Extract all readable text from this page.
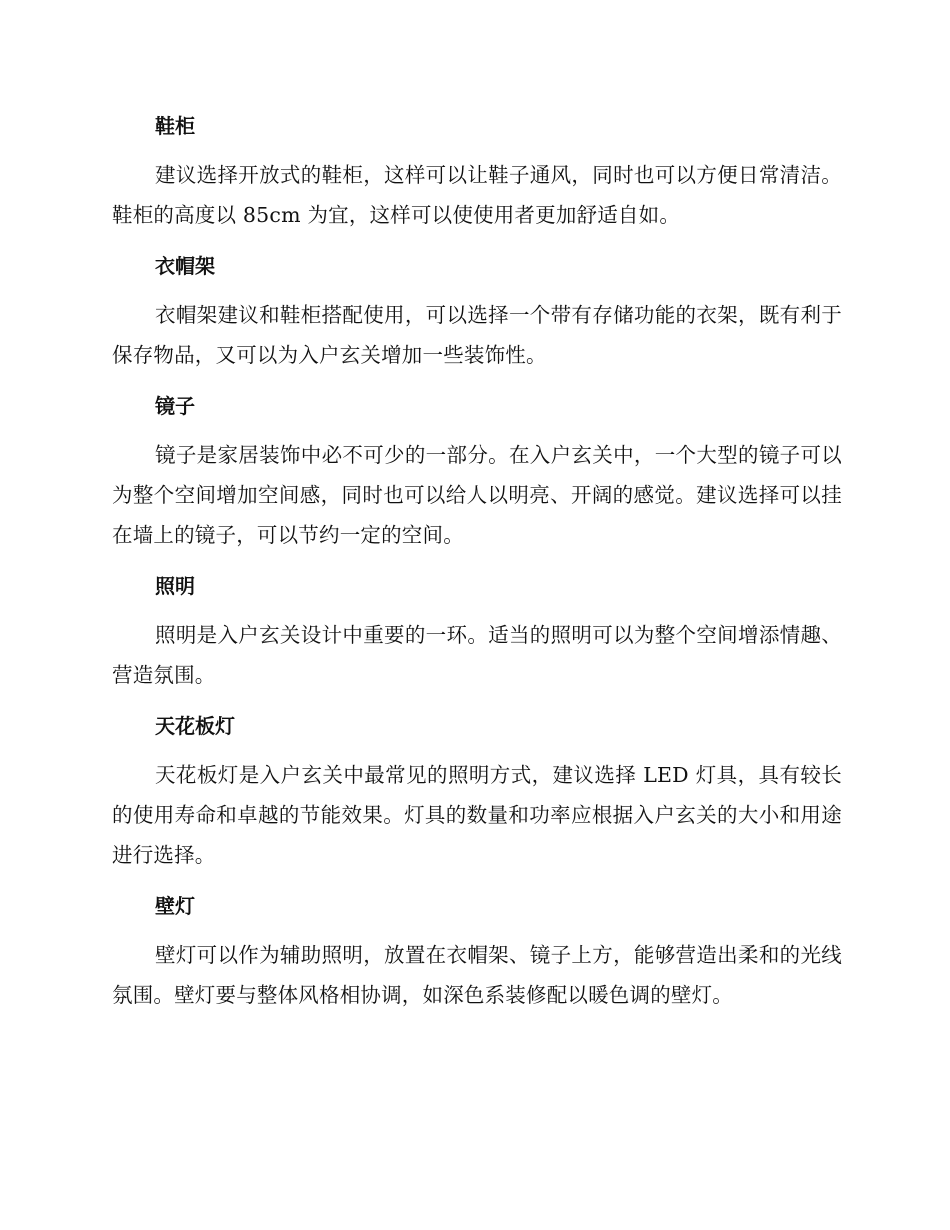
鞋柜

建议选择开放式的鞋柜，这样可以让鞋子通风，同时也可以方便日常清洁。鞋柜的高度以 85cm 为宜，这样可以使使用者更加舒适自如。

衣帽架

衣帽架建议和鞋柜搭配使用，可以选择一个带有存储功能的衣架，既有利于保存物品，又可以为入户玄关增加一些装饰性。

镜子

镜子是家居装饰中必不可少的一部分。在入户玄关中，一个大型的镜子可以为整个空间增加空间感，同时也可以给人以明亮、开阔的感觉。建议选择可以挂在墙上的镜子，可以节约一定的空间。

照明

照明是入户玄关设计中重要的一环。适当的照明可以为整个空间增添情趣、营造氛围。

天花板灯

天花板灯是入户玄关中最常见的照明方式，建议选择 LED 灯具，具有较长的使用寿命和卓越的节能效果。灯具的数量和功率应根据入户玄关的大小和用途进行选择。

壁灯

壁灯可以作为辅助照明，放置在衣帽架、镜子上方，能够营造出柔和的光线氛围。壁灯要与整体风格相协调，如深色系装修配以暖色调的壁灯。
